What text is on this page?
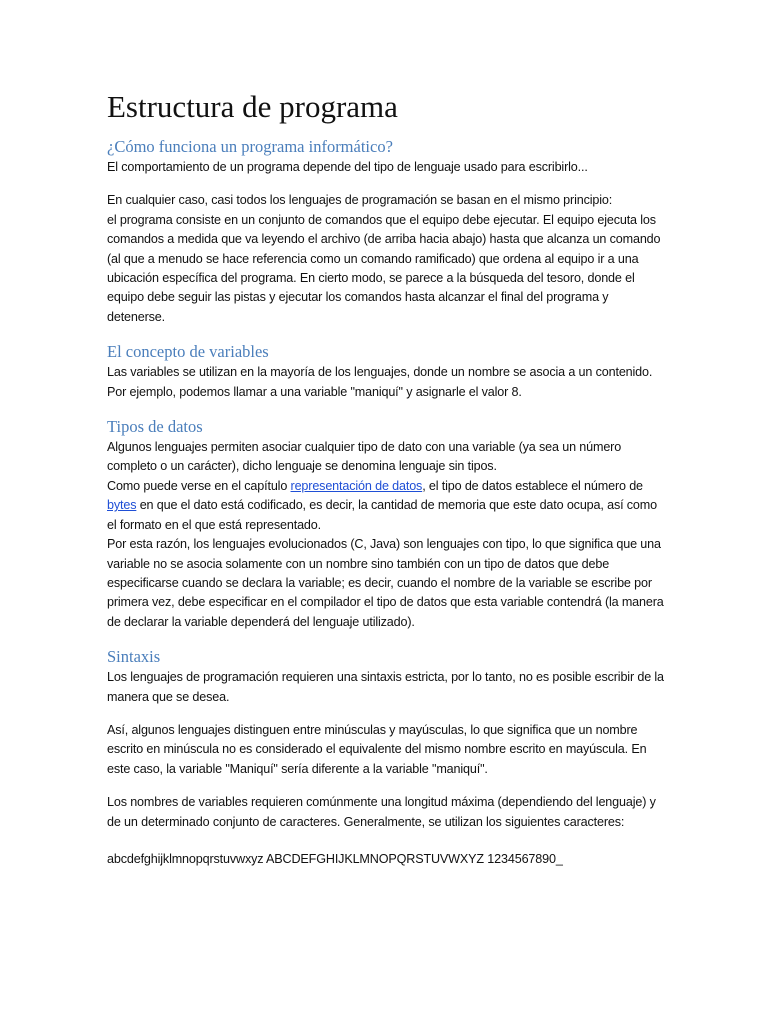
Estructura de programa
¿Cómo funciona un programa informático?

El comportamiento de un programa depende del tipo de lenguaje usado para escribirlo...

En cualquier caso, casi todos los lenguajes de programación se basan en el mismo principio:

el programa consiste en un conjunto de comandos que el equipo debe ejecutar. El equipo ejecuta los comandos a medida que va leyendo el archivo (de arriba hacia abajo) hasta que alcanza un comando (al que a menudo se hace referencia como un comando ramificado) que ordena al equipo ir a una ubicación específica del programa. En cierto modo, se parece a la búsqueda del tesoro, donde el equipo debe seguir las pistas y ejecutar los comandos hasta alcanzar el final del programa y detenerse.

El concepto de variables

Las variables se utilizan en la mayoría de los lenguajes, donde un nombre se asocia a un contenido. Por ejemplo, podemos llamar a una variable "maniquí" y asignarle el valor 8.

Tipos de datos

Algunos lenguajes permiten asociar cualquier tipo de dato con una variable (ya sea un número completo o un carácter), dicho lenguaje se denomina lenguaje sin tipos.

Como puede verse en el capítulo representación de datos, el tipo de datos establece el número de bytes en que el dato está codificado, es decir, la cantidad de memoria que este dato ocupa, así como el formato en el que está representado.

Por esta razón, los lenguajes evolucionados (C, Java) son lenguajes con tipo, lo que significa que una variable no se asocia solamente con un nombre sino también con un tipo de datos que debe especificarse cuando se declara la variable; es decir, cuando el nombre de la variable se escribe por primera vez, debe especificar en el compilador el tipo de datos que esta variable contendrá (la manera de declarar la variable dependerá del lenguaje utilizado).

Sintaxis

Los lenguajes de programación requieren una sintaxis estricta, por lo tanto, no es posible escribir de la manera que se desea.

Así, algunos lenguajes distinguen entre minúsculas y mayúsculas, lo que significa que un nombre escrito en minúscula no es considerado el equivalente del mismo nombre escrito en mayúscula. En este caso, la variable "Maniquí" sería diferente a la variable "maniquí".

Los nombres de variables requieren comúnmente una longitud máxima (dependiendo del lenguaje) y de un determinado conjunto de caracteres. Generalmente, se utilizan los siguientes caracteres:

abcdefghijklmnopqrstuvwxyz ABCDEFGHIJKLMNOPQRSTUVWXYZ 1234567890_
